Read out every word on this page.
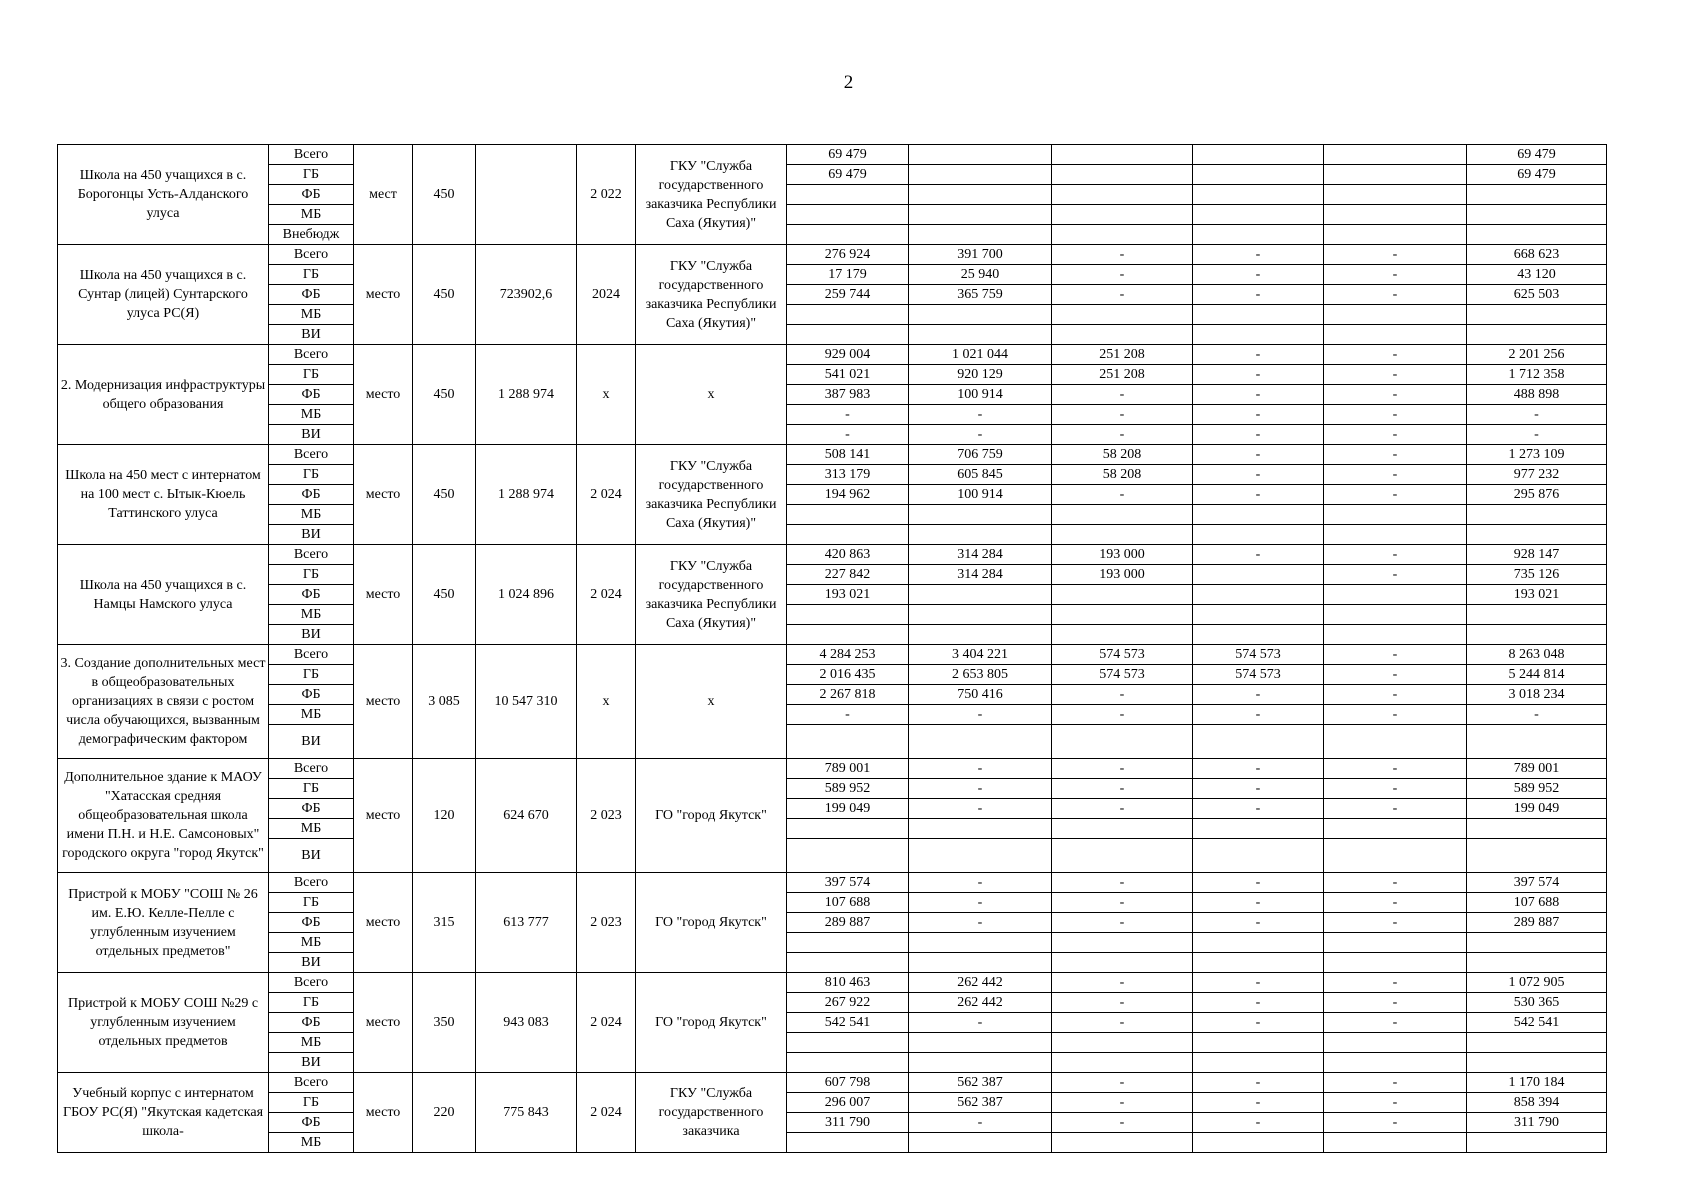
2
Школа на 450 учащихся в с. Борогонцы Усть-Алданского улуса	Всего	мест	450		2 022	ГКУ "Служба государственного заказчика Республики Саха (Якутия)"	69 479					69 479
	ГБ						69 479					69 479
	ФБ											
	МБ											
	Внебюдж											
Школа на 450 учащихся в с. Сунтар (лицей) Сунтарского улуса РС(Я)	Всего	место	450	723902,6	2024	ГКУ "Служба государственного заказчика Республики Саха (Якутия)"	276 924	391 700	-	-	-	668 623
	ГБ						17 179	25 940	-	-	-	43 120
	ФБ						259 744	365 759	-	-	-	625 503
	МБ											
	ВИ											
2. Модернизация инфраструктуры общего образования	Всего	место	450	1 288 974	х	х	929 004	1 021 044	251 208	-	-	2 201 256
	ГБ						541 021	920 129	251 208	-	-	1 712 358
	ФБ						387 983	100 914	-	-	-	488 898
	МБ						-	-	-	-	-	-
	ВИ						-	-	-	-	-	-
Школа на 450 мест с интернатом на 100 мест с. Ытык-Кюель Таттинского улуса	Всего	место	450	1 288 974	2 024	ГКУ "Служба государственного заказчика Республики Саха (Якутия)"	508 141	706 759	58 208	-	-	1 273 109
	ГБ						313 179	605 845	58 208	-	-	977 232
	ФБ						194 962	100 914	-	-	-	295 876
	МБ											
	ВИ											
Школа на 450 учащихся в с. Намцы Намского улуса	Всего	место	450	1 024 896	2 024	ГКУ "Служба государственного заказчика Республики Саха (Якутия)"	420 863	314 284	193 000	-	-	928 147
	ГБ						227 842	314 284	193 000		-	735 126
	ФБ						193 021					193 021
	МБ											
	ВИ											
3. Создание дополнительных мест в общеобразовательных организациях в связи с ростом числа обучающихся, вызванным демографическим фактором	Всего	место	3 085	10 547 310	х	х	4 284 253	3 404 221	574 573	574 573	-	8 263 048
	ГБ						2 016 435	2 653 805	574 573	574 573	-	5 244 814
	ФБ						2 267 818	750 416	-	-	-	3 018 234
	МБ						-	-	-	-	-	-
	ВИ											
Дополнительное здание к МАОУ "Хатасская средняя общеобразовательная школа имени П.Н. и Н.Е. Самсоновых" городского округа "город Якутск"	Всего	место	120	624 670	2 023	ГО "город Якутск"	789 001	-	-	-	-	789 001
	ГБ						589 952	-	-	-	-	589 952
	ФБ						199 049	-	-	-	-	199 049
	МБ											
	ВИ											
Пристрой к МОБУ "СОШ № 26 им. Е.Ю. Келле-Пелле с углубленным изучением отдельных предметов"	Всего	место	315	613 777	2 023	ГО "город Якутск"	397 574	-	-	-	-	397 574
	ГБ						107 688	-	-	-	-	107 688
	ФБ						289 887	-	-	-	-	289 887
	МБ											
	ВИ											
Пристрой к МОБУ СОШ №29 с углубленным изучением отдельных предметов	Всего	место	350	943 083	2 024	ГО "город Якутск"	810 463	262 442	-	-	-	1 072 905
	ГБ						267 922	262 442	-	-	-	530 365
	ФБ						542 541	-	-	-	-	542 541
	МБ											
	ВИ											
Учебный корпус с интернатом ГБОУ РС(Я) "Якутская кадетская школа-	Всего	место	220	775 843	2 024	ГКУ "Служба государственного заказчика	607 798	562 387	-	-	-	1 170 184
	ГБ						296 007	562 387	-	-	-	858 394
	ФБ						311 790	-	-	-	-	311 790
	МБ											
